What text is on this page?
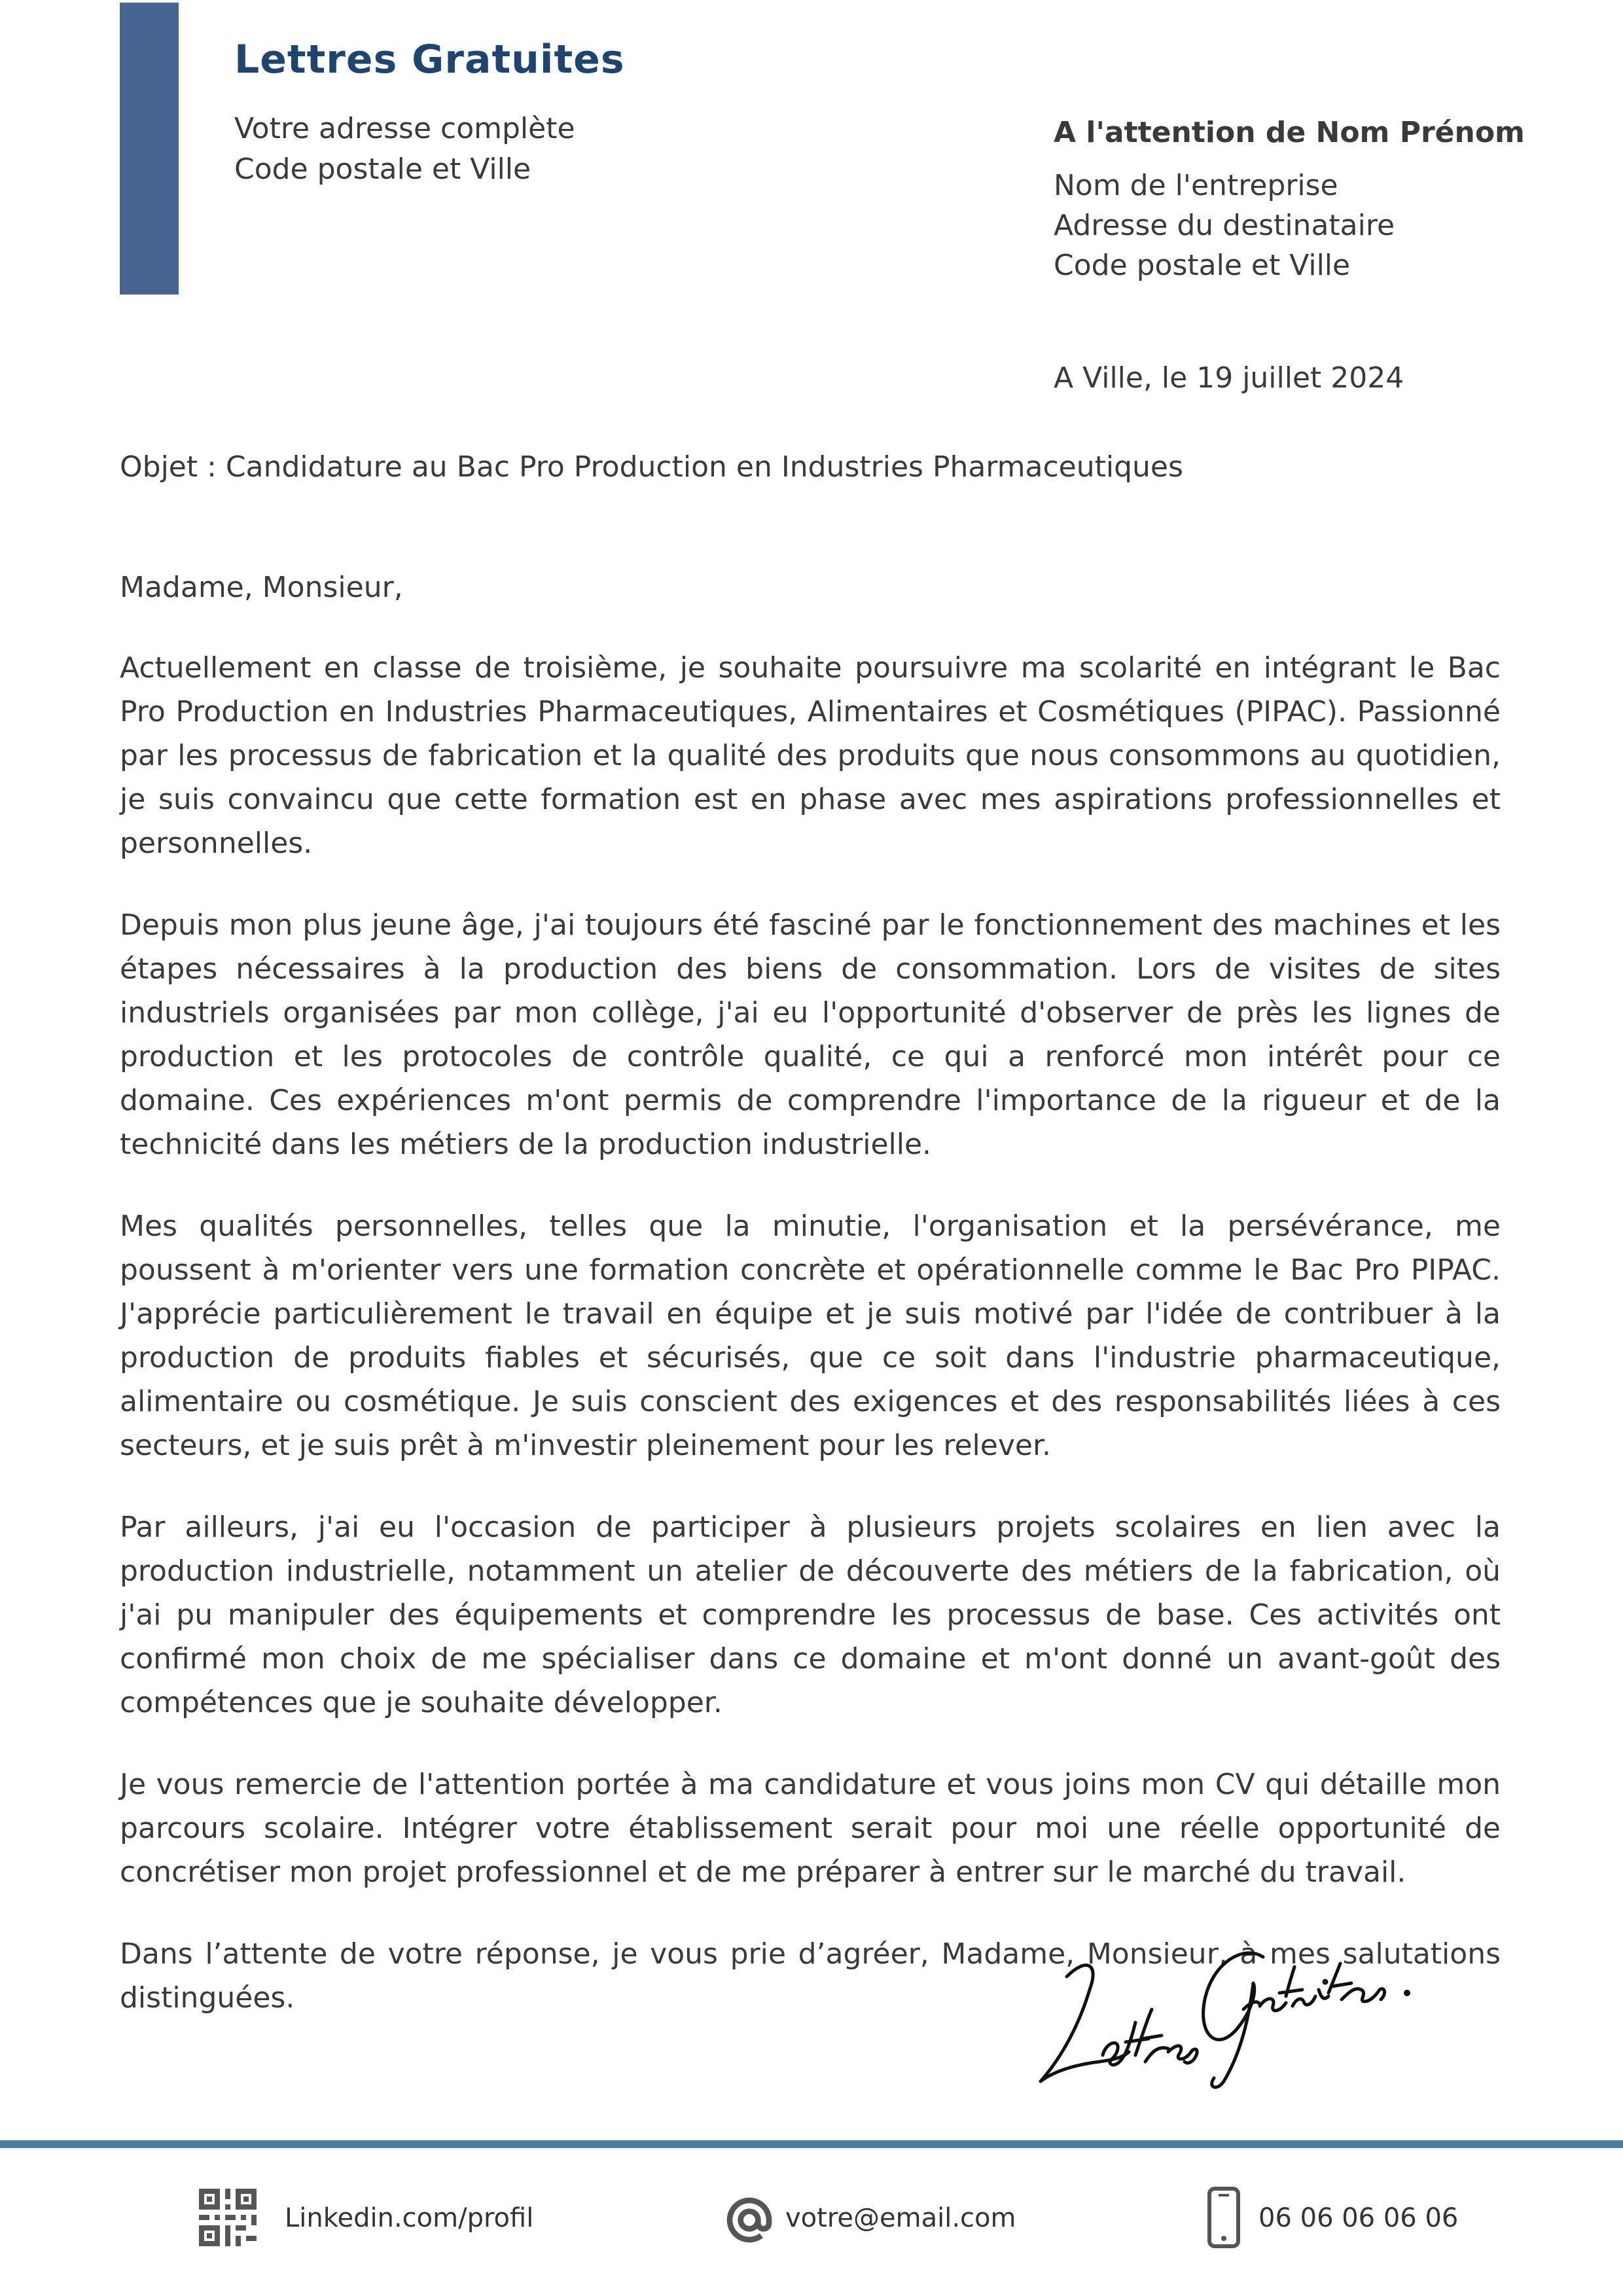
Lettres Gratuites
Votre adresse complète
Code postale et Ville
A l'attention de Nom Prénom
Nom de l'entreprise
Adresse du destinataire
Code postale et Ville
A Ville, le 19 juillet 2024
Objet : Candidature au Bac Pro Production en Industries Pharmaceutiques

Madame, Monsieur,

Actuellement en classe de troisième, je souhaite poursuivre ma scolarité en intégrant le Bac Pro Production en Industries Pharmaceutiques, Alimentaires et Cosmétiques (PIPAC). Passionné par les processus de fabrication et la qualité des produits que nous consommons au quotidien, je suis convaincu que cette formation est en phase avec mes aspirations professionnelles et personnelles.

Depuis mon plus jeune âge, j'ai toujours été fasciné par le fonctionnement des machines et les étapes nécessaires à la production des biens de consommation. Lors de visites de sites industriels organisées par mon collège, j'ai eu l'opportunité d'observer de près les lignes de production et les protocoles de contrôle qualité, ce qui a renforcé mon intérêt pour ce domaine. Ces expériences m'ont permis de comprendre l'importance de la rigueur et de la technicité dans les métiers de la production industrielle.

Mes qualités personnelles, telles que la minutie, l'organisation et la persévérance, me poussent à m'orienter vers une formation concrète et opérationnelle comme le Bac Pro PIPAC. J'apprécie particulièrement le travail en équipe et je suis motivé par l'idée de contribuer à la production de produits fiables et sécurisés, que ce soit dans l'industrie pharmaceutique, alimentaire ou cosmétique. Je suis conscient des exigences et des responsabilités liées à ces secteurs, et je suis prêt à m'investir pleinement pour les relever.

Par ailleurs, j'ai eu l'occasion de participer à plusieurs projets scolaires en lien avec la production industrielle, notamment un atelier de découverte des métiers de la fabrication, où j'ai pu manipuler des équipements et comprendre les processus de base. Ces activités ont confirmé mon choix de me spécialiser dans ce domaine et m'ont donné un avant-goût des compétences que je souhaite développer.

Je vous remercie de l'attention portée à ma candidature et vous joins mon CV qui détaille mon parcours scolaire. Intégrer votre établissement serait pour moi une réelle opportunité de concrétiser mon projet professionnel et de me préparer à entrer sur le marché du travail.

Dans l’attente de votre réponse, je vous prie d’agréer, Madame, Monsieur, à mes salutations distinguées.

Linkedin.com/profil	votre@email.com	06 06 06 06 06
